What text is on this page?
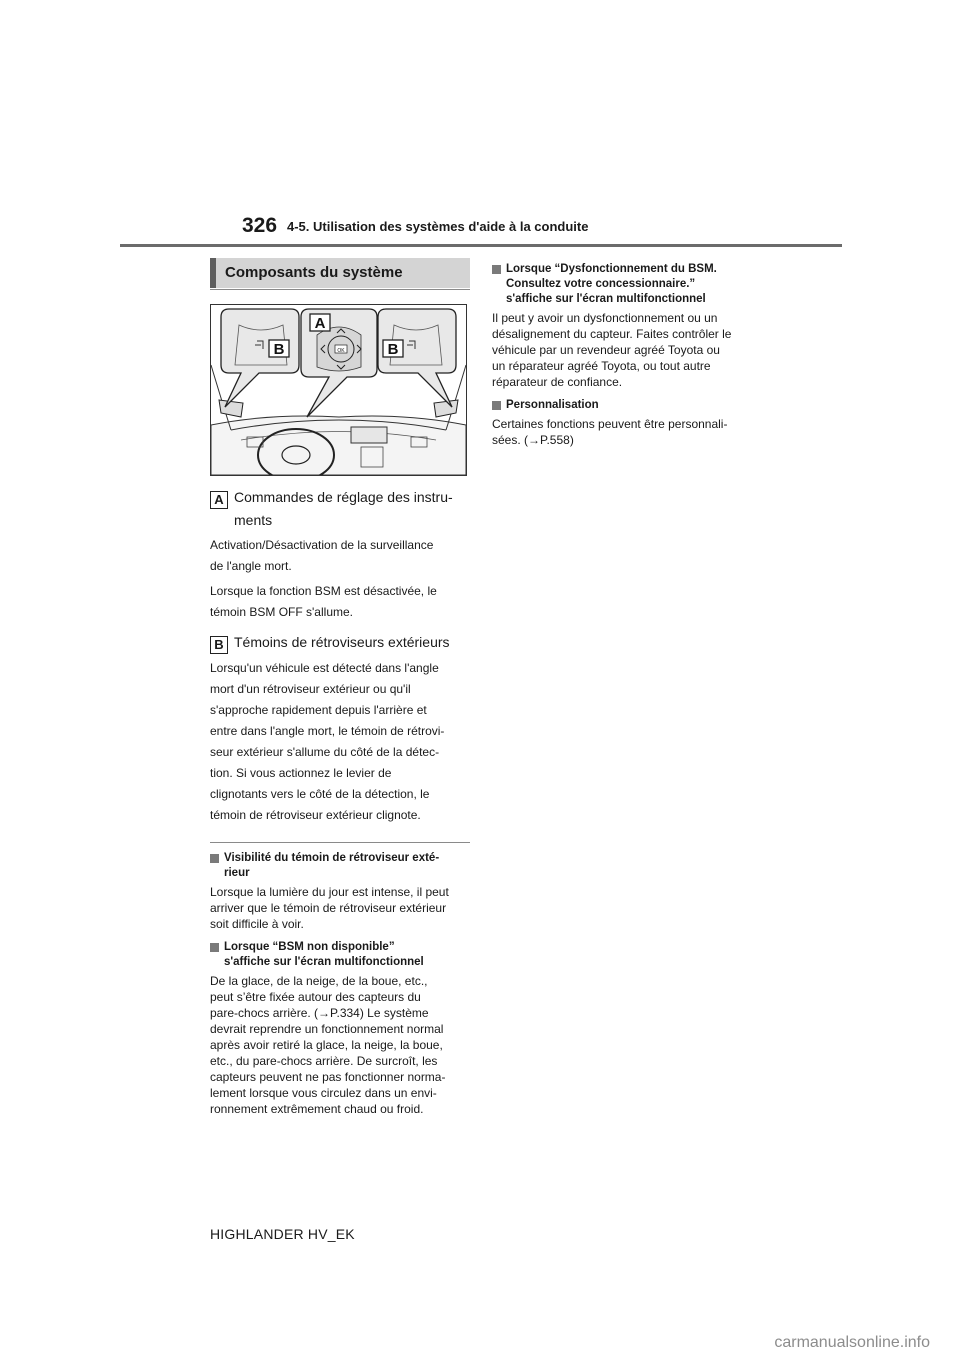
326 4-5. Utilisation des systèmes d'aide à la conduite
Composants du système
A
B	B
OK
A Commandes de réglage des instru-
ments

Activation/Désactivation de la surveillance
de l'angle mort.

Lorsque la fonction BSM est désactivée, le
témoin BSM OFF s'allume.

B Témoins de rétroviseurs extérieurs

Lorsqu'un véhicule est détecté dans l'angle
mort d'un rétroviseur extérieur ou qu'il
s'approche rapidement depuis l'arrière et
entre dans l'angle mort, le témoin de rétrovi-
seur extérieur s'allume du côté de la détec-
tion. Si vous actionnez le levier de
clignotants vers le côté de la détection, le
témoin de rétroviseur extérieur clignote.

Visibilité du témoin de rétroviseur exté-
rieur

Lorsque la lumière du jour est intense, il peut
arriver que le témoin de rétroviseur extérieur
soit difficile à voir.

Lorsque “BSM non disponible”
s'affiche sur l'écran multifonctionnel

De la glace, de la neige, de la boue, etc.,
peut s’être fixée autour des capteurs du
pare-chocs arrière. (→P.334) Le système
devrait reprendre un fonctionnement normal
après avoir retiré la glace, la neige, la boue,
etc., du pare-chocs arrière. De surcroît, les
capteurs peuvent ne pas fonctionner norma-
lement lorsque vous circulez dans un envi-
ronnement extrêmement chaud ou froid.

Lorsque “Dysfonctionnement du BSM.
Consultez votre concessionnaire.”
s'affiche sur l'écran multifonctionnel

Il peut y avoir un dysfonctionnement ou un
désalignement du capteur. Faites contrôler le
véhicule par un revendeur agréé Toyota ou
un réparateur agréé Toyota, ou tout autre
réparateur de confiance.

Personnalisation

Certaines fonctions peuvent être personnali-
sées. (→P.558)

HIGHLANDER HV_EK
carmanualsonline.info
